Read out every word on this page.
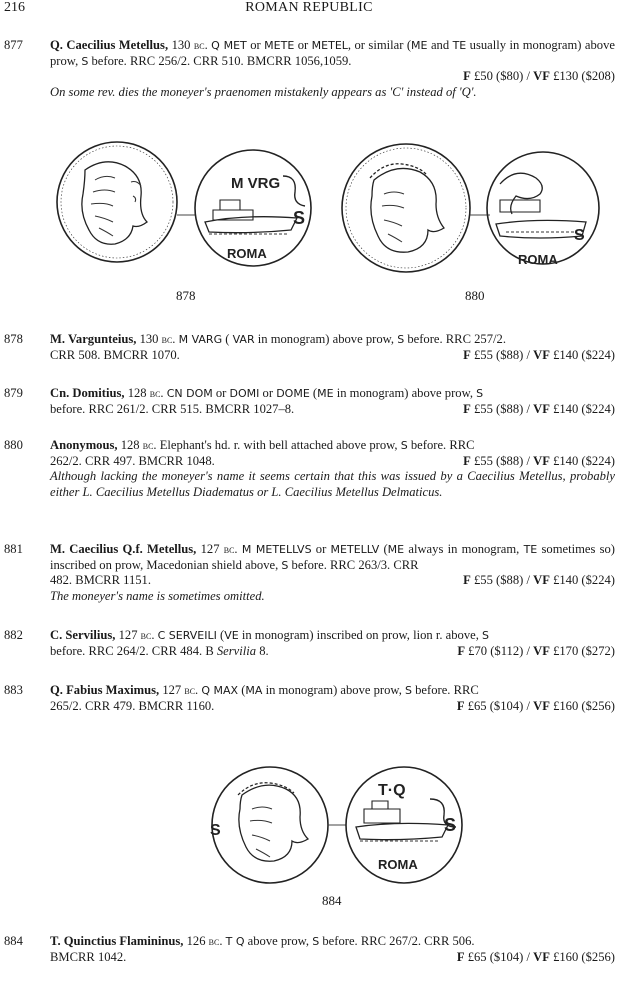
216	ROMAN REPUBLIC
877 Q. Caecilius Metellus, 130 bc. Q MET or METE or METEL, or similar (ME and TE usually in monogram) above prow, S before. RRC 256/2. CRR 510. BMCRR 1056,1059.
F £50 ($80) / VF £130 ($208)
On some rev. dies the moneyer's praenomen mistakenly appears as 'C' instead of 'Q'.
M VRG
ROMA
S
878
ROMA
S
880
878 M. Vargunteius, 130 bc. M VARG ( VAR in monogram) above prow, S before. RRC 257/2.
CRR 508. BMCRR 1070.	F £55 ($88) / VF £140 ($224)
879 Cn. Domitius, 128 bc. CN DOM or DOMI or DOME (ME in monogram) above prow, S
before. RRC 261/2. CRR 515. BMCRR 1027–8.	F £55 ($88) / VF £140 ($224)
880 Anonymous, 128 bc. Elephant's hd. r. with bell attached above prow, S before. RRC
262/2. CRR 497. BMCRR 1048.	F £55 ($88) / VF £140 ($224)
Although lacking the moneyer's name it seems certain that this was issued by a Caecilius Metellus, probably either L. Caecilius Metellus Diadematus or L. Caecilius Metellus Delmaticus.
881 M. Caecilius Q.f. Metellus, 127 bc. M METELLVS or METELLV (ME always in monogram, TE sometimes so) inscribed on prow, Macedonian shield above, S before. RRC 263/3. CRR
482. BMCRR 1151.	F £55 ($88) / VF £140 ($224)
The moneyer's name is sometimes omitted.
882 C. Servilius, 127 bc. C SERVEILI (VE in monogram) inscribed on prow, lion r. above, S
before. RRC 264/2. CRR 484. B Servilia 8.	F £70 ($112) / VF £170 ($272)
883 Q. Fabius Maximus, 127 bc. Q MAX (MA in monogram) above prow, S before. RRC
265/2. CRR 479. BMCRR 1160.	F £65 ($104) / VF £160 ($256)
S
T·Q
ROMA
S
884
884 T. Quinctius Flamininus, 126 bc. T Q above prow, S before. RRC 267/2. CRR 506.
BMCRR 1042.	F £65 ($104) / VF £160 ($256)
